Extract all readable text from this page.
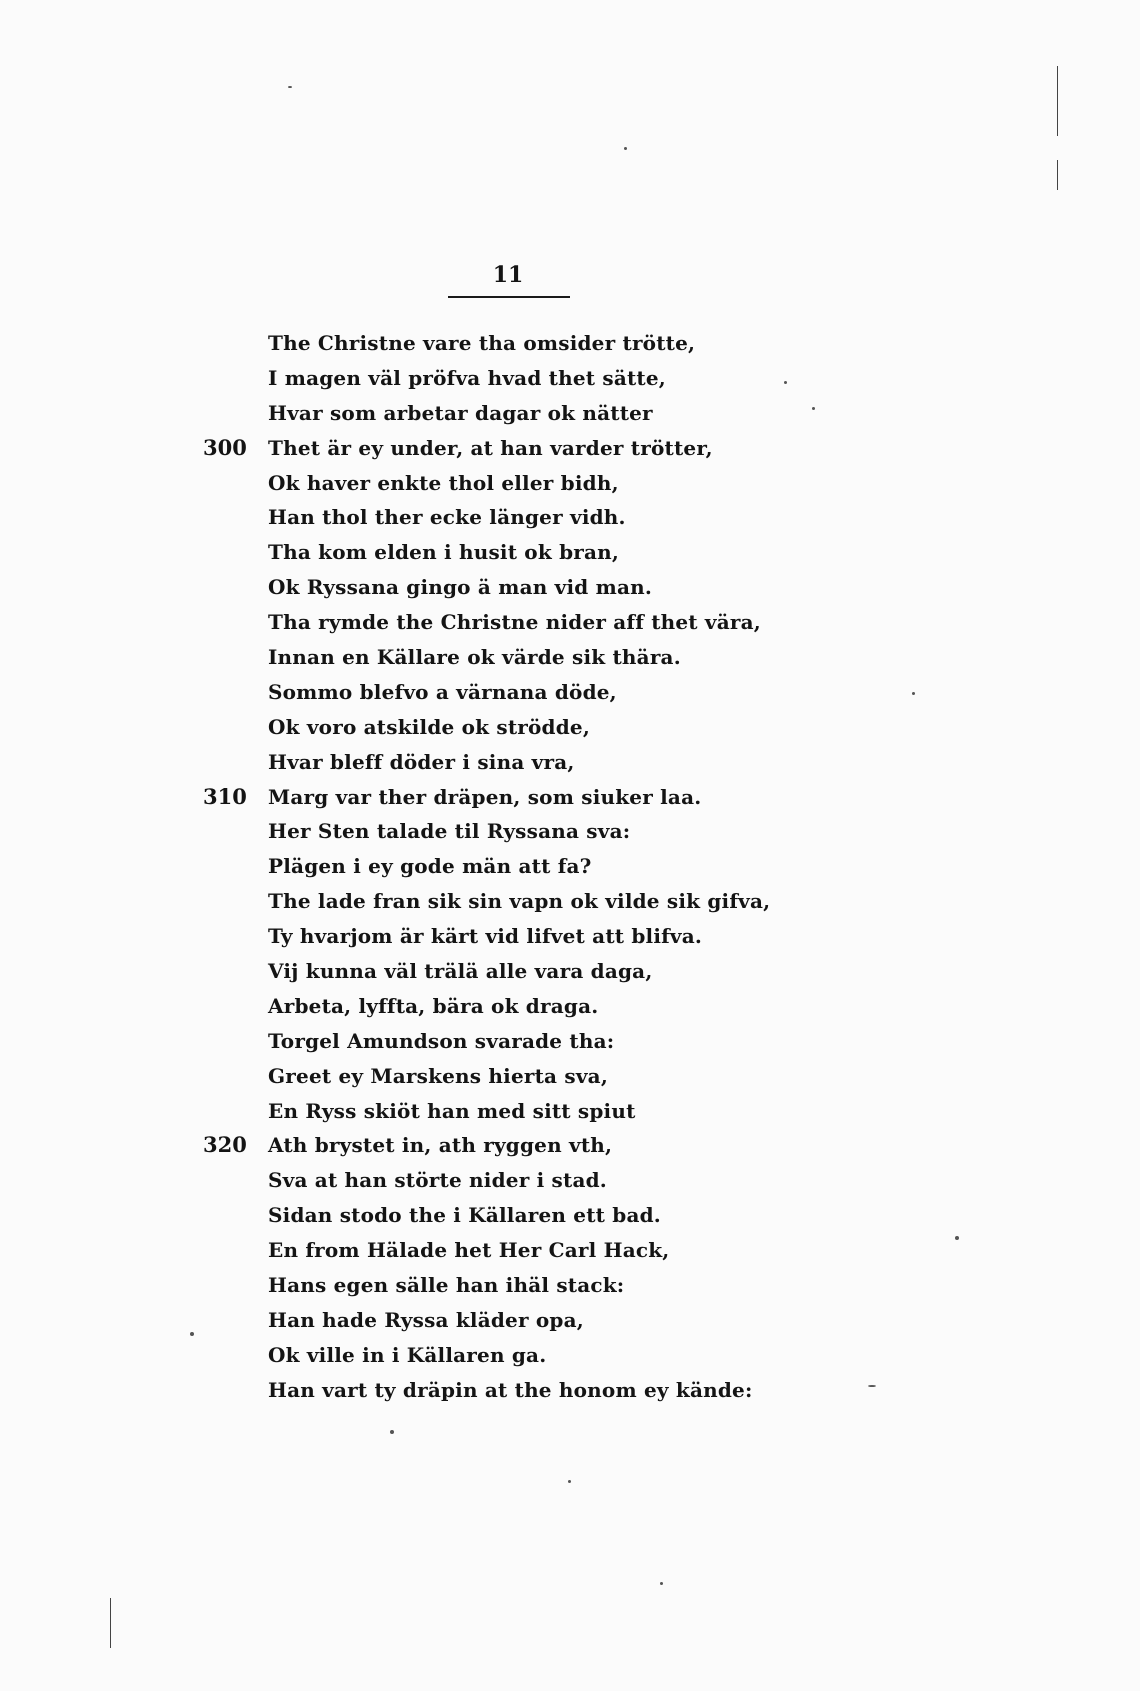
11
The Christne vare tha omsider trötte,
I magen väl pröfva hvad thet sätte,
Hvar som arbetar dagar ok nätter
300	Thet är ey under, at han varder trötter,
Ok haver enkte thol eller bidh,
Han thol ther ecke länger vidh.
Tha kom elden i husit ok bran,
Ok Ryssana gingo ä man vid man.
Tha rymde the Christne nider aff thet vära,
Innan en Källare ok värde sik thära.
Sommo blefvo a värnana döde,
Ok voro atskilde ok strödde,
Hvar bleff döder i sina vra,
310	Marg var ther dräpen, som siuker laa.
Her Sten talade til Ryssana sva:
Plägen i ey gode män att fa?
The lade fran sik sin vapn ok vilde sik gifva,
Ty hvarjom är kärt vid lifvet att blifva.
Vij kunna väl trälä alle vara daga,
Arbeta, lyffta, bära ok draga.
Torgel Amundson svarade tha:
Greet ey Marskens hierta sva,
En Ryss skiöt han med sitt spiut
320	Ath brystet in, ath ryggen vth,
Sva at han störte nider i stad.
Sidan stodo the i Källaren ett bad.
En from Hälade het Her Carl Hack,
Hans egen sälle han ihäl stack:
Han hade Ryssa kläder opa,
Ok ville in i Källaren ga.
Han vart ty dräpin at the honom ey kände:
